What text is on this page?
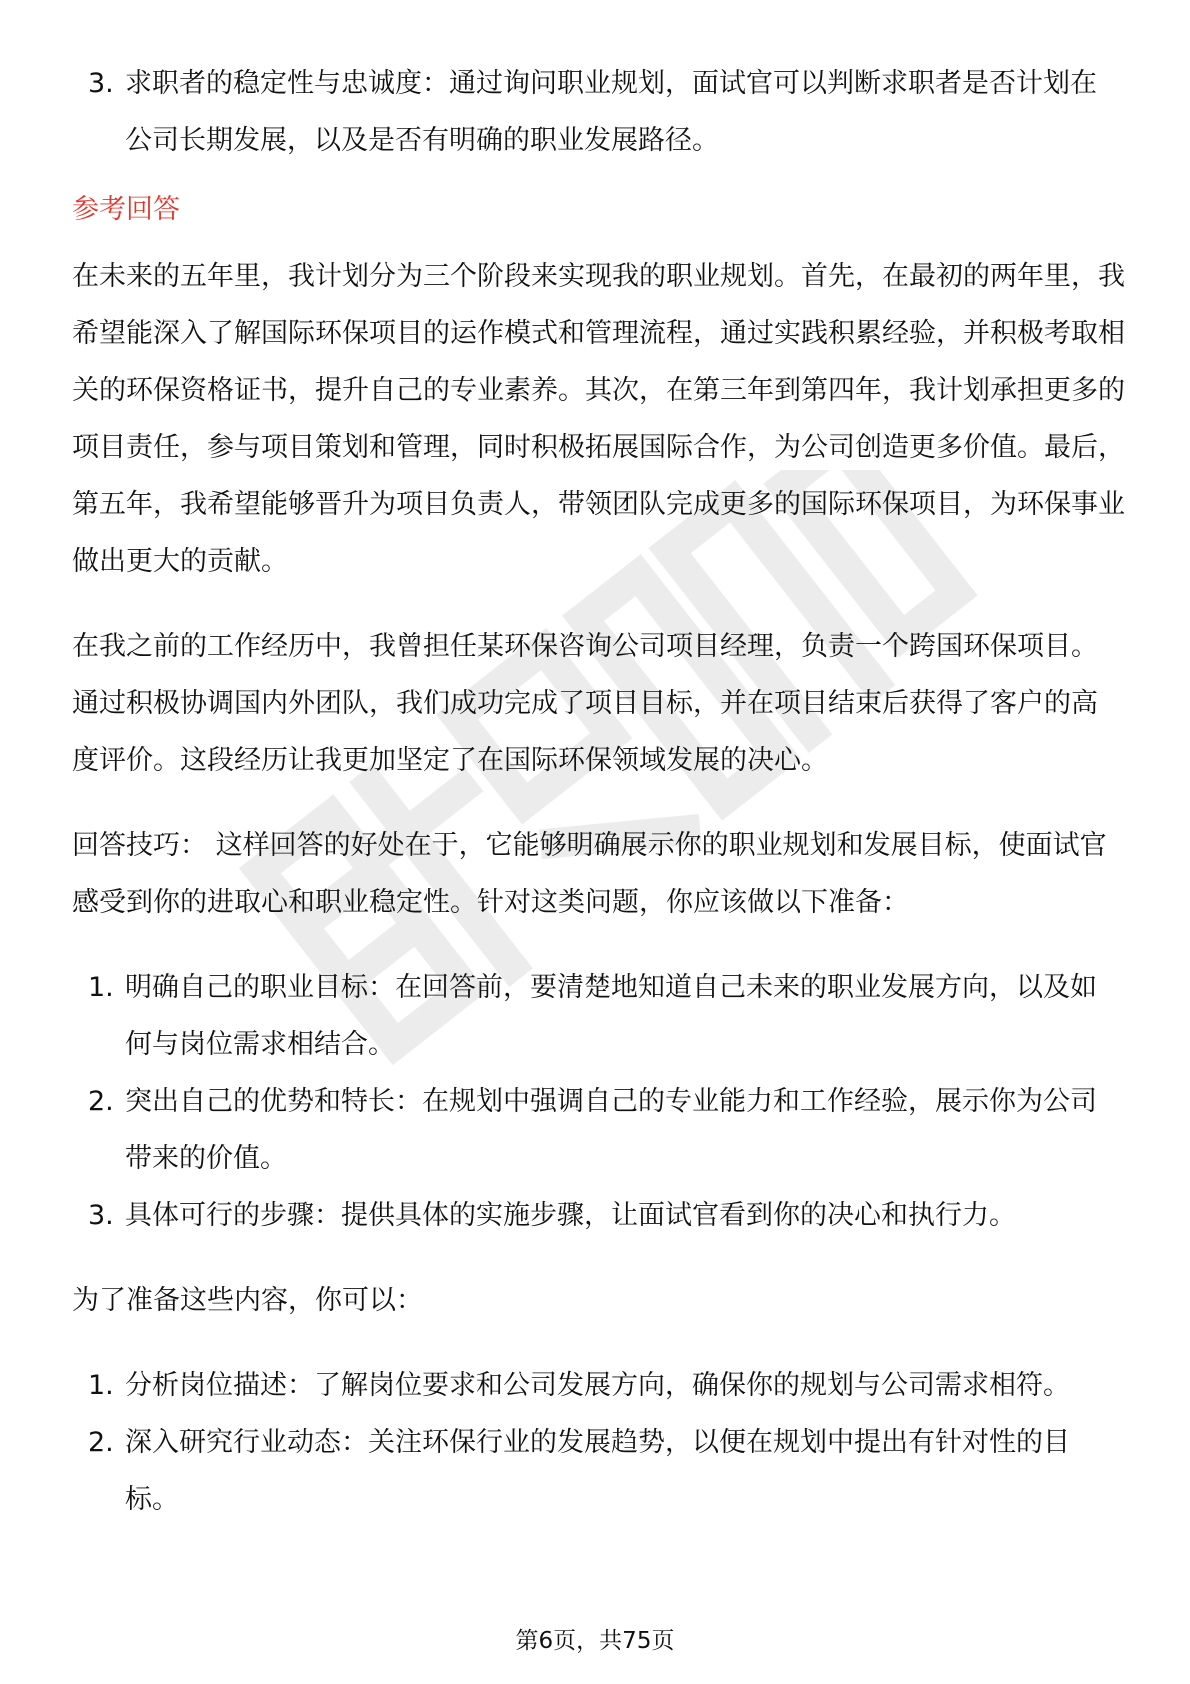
3. 求职者的稳定性与忠诚度：通过询问职业规划，面试官可以判断求职者是否计划在公司长期发展，以及是否有明确的职业发展路径。
参考回答

在未来的五年里，我计划分为三个阶段来实现我的职业规划。首先，在最初的两年里，我希望能深入了解国际环保项目的运作模式和管理流程，通过实践积累经验，并积极考取相关的环保资格证书，提升自己的专业素养。其次，在第三年到第四年，我计划承担更多的项目责任，参与项目策划和管理，同时积极拓展国际合作，为公司创造更多价值。最后，第五年，我希望能够晋升为项目负责人，带领团队完成更多的国际环保项目，为环保事业做出更大的贡献。

在我之前的工作经历中，我曾担任某环保咨询公司项目经理，负责一个跨国环保项目。通过积极协调国内外团队，我们成功完成了项目目标，并在项目结束后获得了客户的高度评价。这段经历让我更加坚定了在国际环保领域发展的决心。

回答技巧： 这样回答的好处在于，它能够明确展示你的职业规划和发展目标，使面试官感受到你的进取心和职业稳定性。针对这类问题，你应该做以下准备：

1. 明确自己的职业目标：在回答前，要清楚地知道自己未来的职业发展方向，以及如何与岗位需求相结合。
2. 突出自己的优势和特长：在规划中强调自己的专业能力和工作经验，展示你为公司带来的价值。
3. 具体可行的步骤：提供具体的实施步骤，让面试官看到你的决心和执行力。

为了准备这些内容，你可以：

1. 分析岗位描述：了解岗位要求和公司发展方向，确保你的规划与公司需求相符。
2. 深入研究行业动态：关注环保行业的发展趋势，以便在规划中提出有针对性的目标。
第6页，共75页
